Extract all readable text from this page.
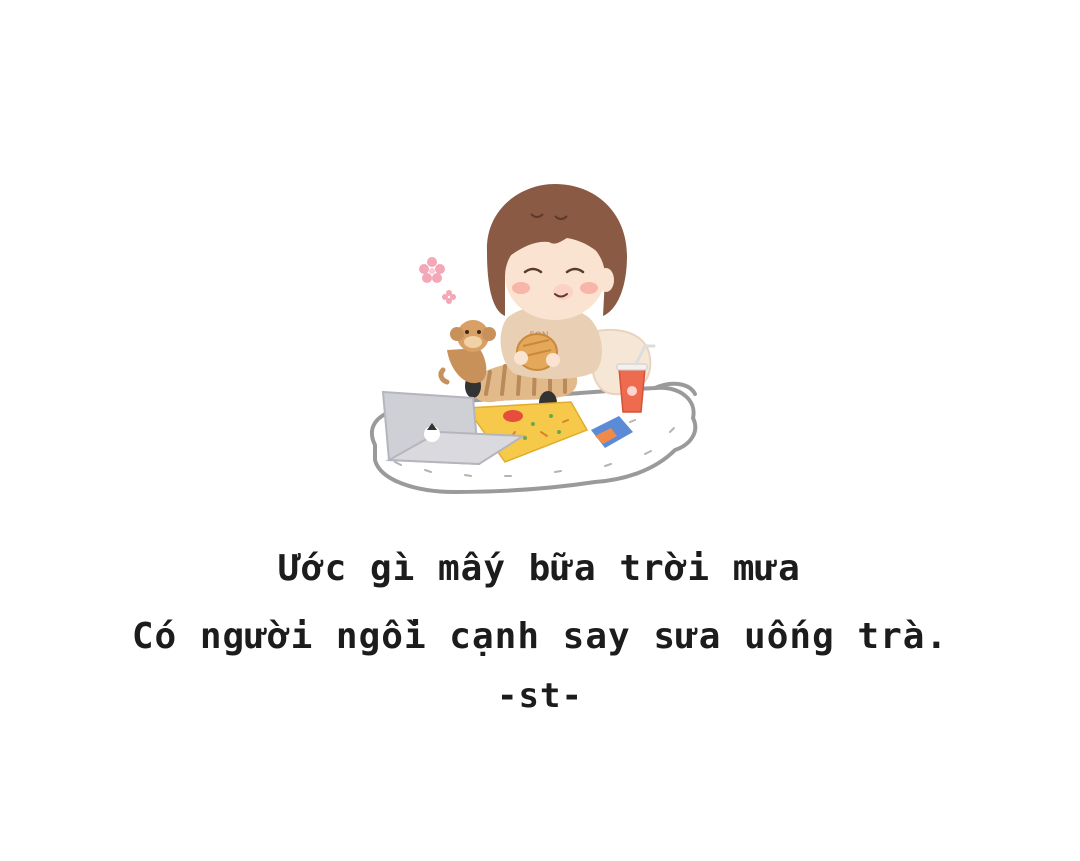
Ước gì mấy bữa trời mưa

Có người ngồi cạnh say sưa uống trà.

-st-
